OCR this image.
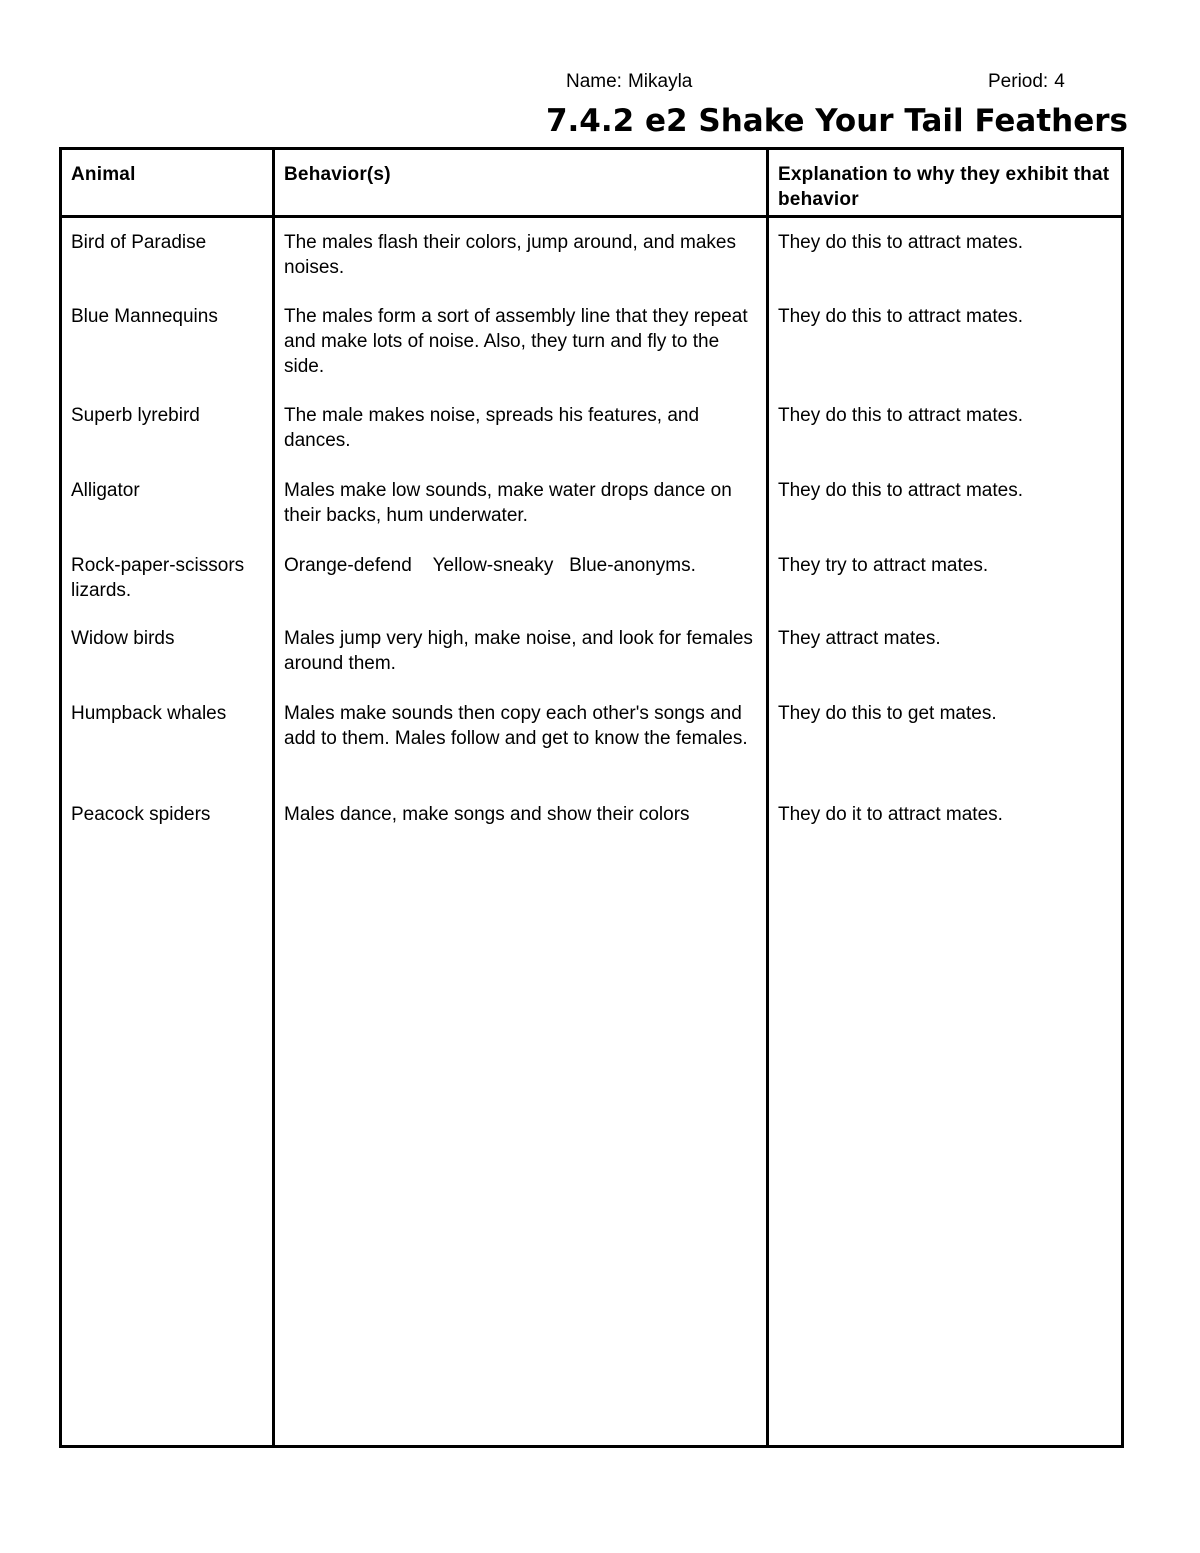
Name: Mikayla	Period: 4
7.4.2 e2 Shake Your Tail Feathers
Animal	Behavior(s)	Explanation to why they exhibit that behavior
Bird of Paradise	The males flash their colors, jump around, and makes noises.	They do this to attract mates.
Blue Mannequins	The males form a sort of assembly line that they repeat and make lots of noise. Also, they turn and fly to the side.	They do this to attract mates.
Superb lyrebird	The male makes noise, spreads his features, and dances.	They do this to attract mates.
Alligator	Males make low sounds, make water drops dance on their backs, hum underwater.	They do this to attract mates.
Rock-paper-scissors lizards.	Orange-defend    Yellow-sneaky   Blue-anonyms.	They try to attract mates.
Widow birds	Males jump very high, make noise, and look for females around them.	They attract mates.
Humpback whales	Males make sounds then copy each other's songs and add to them. Males follow and get to know the females.	They do this to get mates.
Peacock spiders	Males dance, make songs and show their colors	They do it to attract mates.
